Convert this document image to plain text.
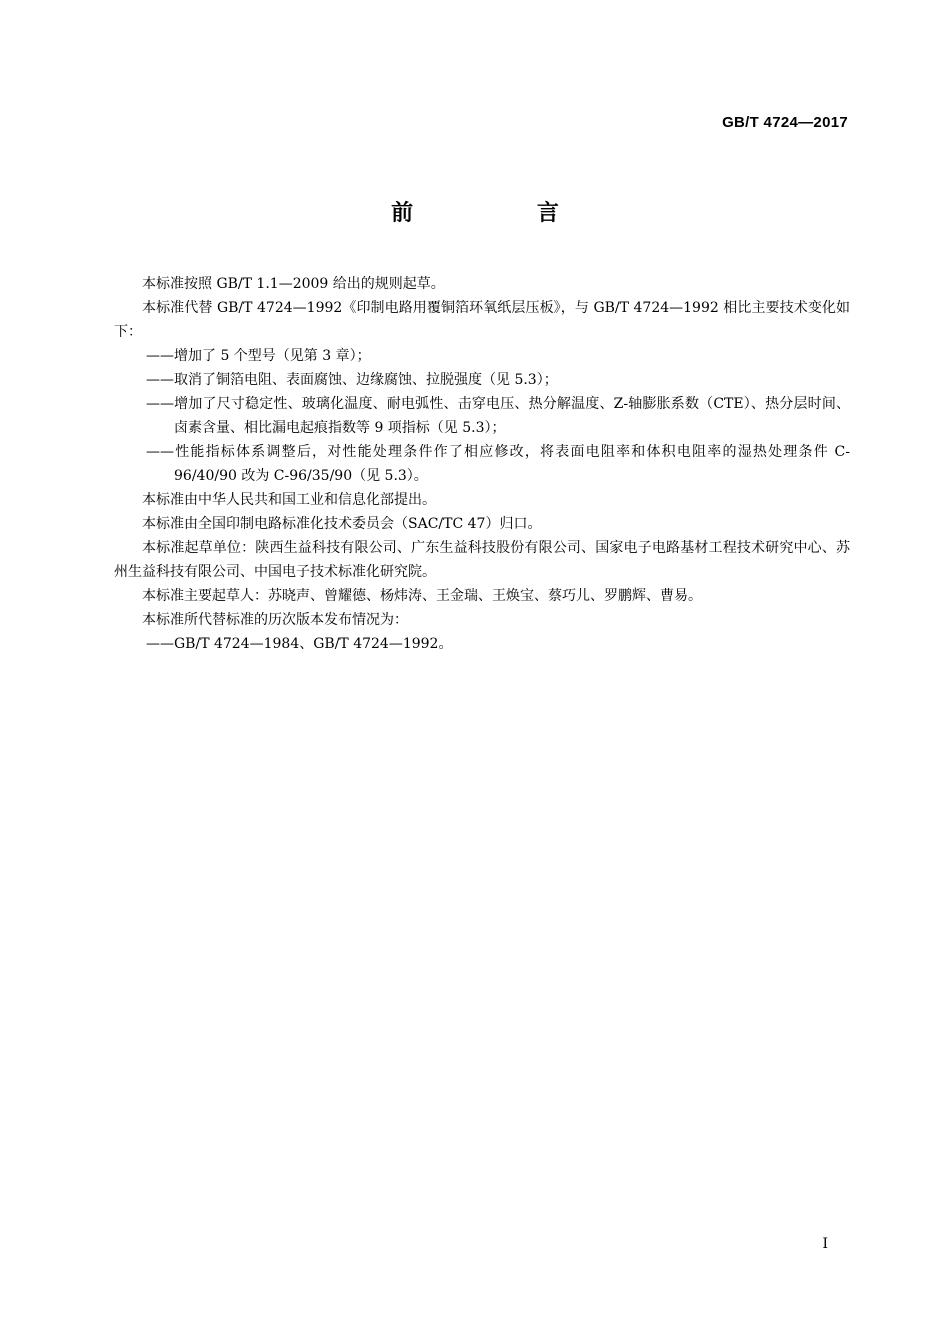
GB/T 4724—2017
前 言

本标准按照 GB/T 1.1—2009 给出的规则起草。

本标准代替 GB/T 4724—1992《印制电路用覆铜箔环氧纸层压板》，与 GB/T 4724—1992 相比主要技术变化如下：

——增加了 5 个型号（见第 3 章）；

——取消了铜箔电阻、表面腐蚀、边缘腐蚀、拉脱强度（见 5.3）；

——增加了尺寸稳定性、玻璃化温度、耐电弧性、击穿电压、热分解温度、Z-轴膨胀系数（CTE）、热分层时间、卤素含量、相比漏电起痕指数等 9 项指标（见 5.3）；

——性能指标体系调整后，对性能处理条件作了相应修改，将表面电阻率和体积电阻率的湿热处理条件 C-96/40/90 改为 C-96/35/90（见 5.3）。

本标准由中华人民共和国工业和信息化部提出。

本标准由全国印制电路标准化技术委员会（SAC/TC 47）归口。

本标准起草单位：陕西生益科技有限公司、广东生益科技股份有限公司、国家电子电路基材工程技术研究中心、苏州生益科技有限公司、中国电子技术标准化研究院。

本标准主要起草人：苏晓声、曾耀德、杨炜涛、王金瑞、王焕宝、蔡巧儿、罗鹏辉、曹易。

本标准所代替标准的历次版本发布情况为：

——GB/T 4724—1984、GB/T 4724—1992。

I
